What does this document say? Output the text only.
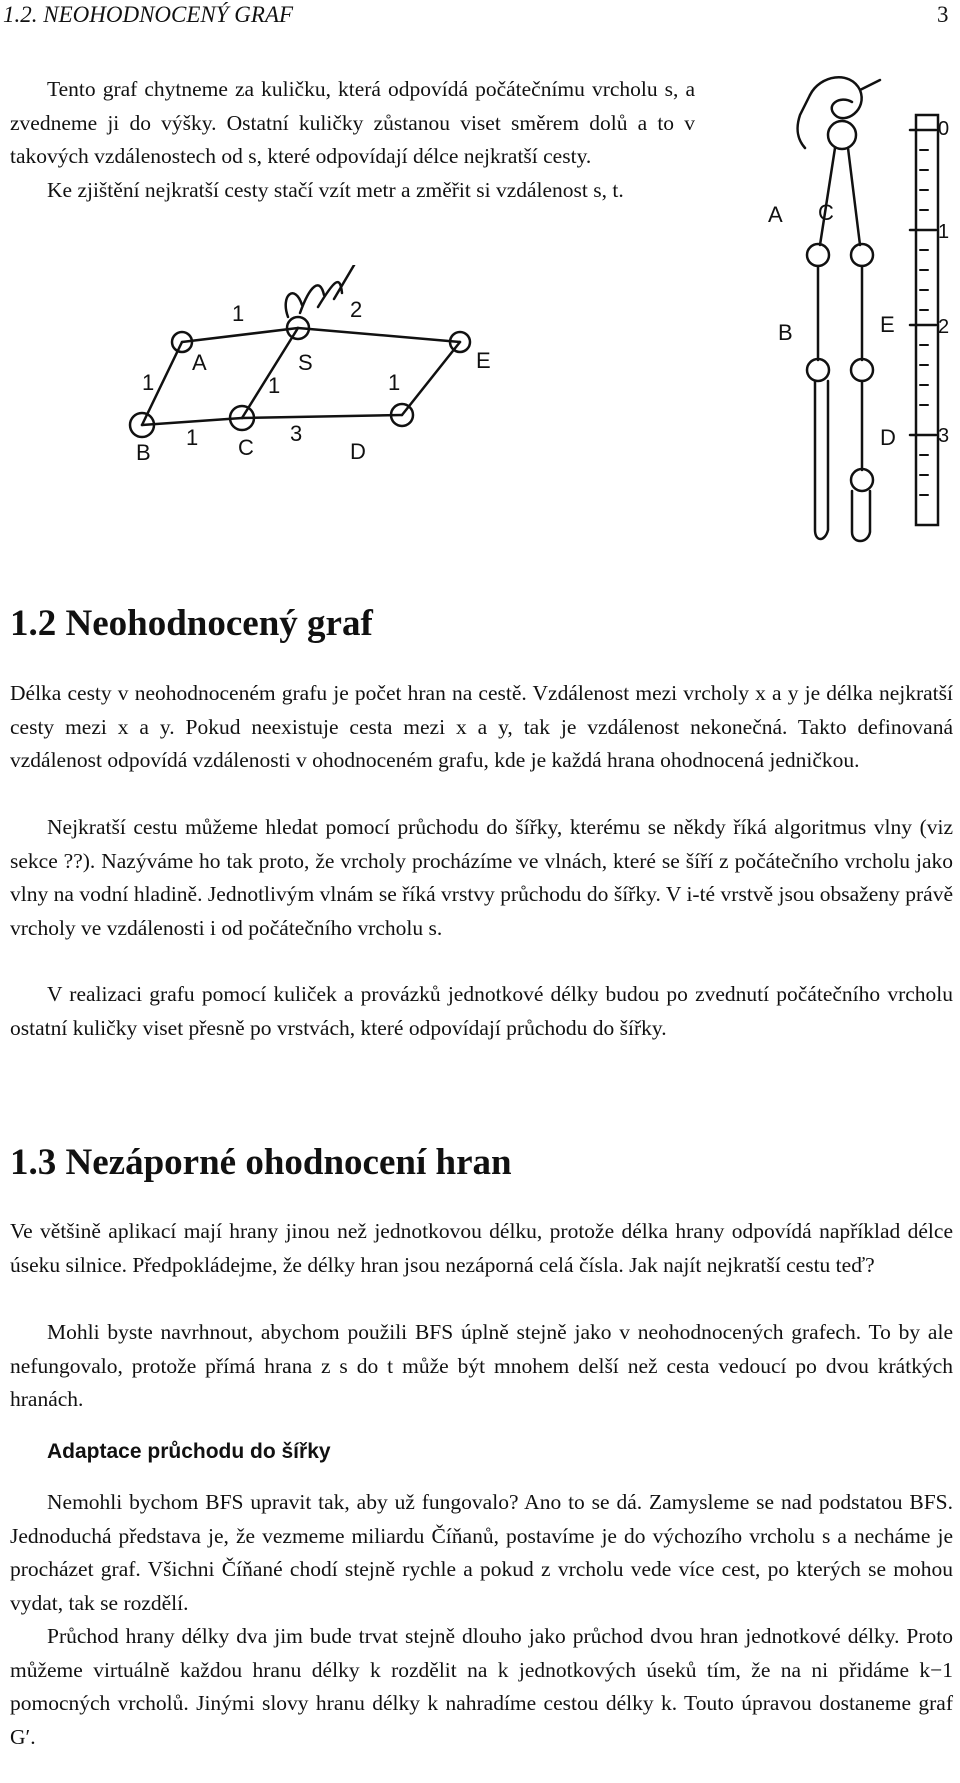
1.2. NEOHODNOCENÝ GRAF	3

Tento graf chytneme za kuličku, která odpovídá počátečnímu vrcholu s, a zvedneme ji do výšky. Ostatní kuličky zůstanou viset směrem dolů a to v takových vzdálenostech od s, které odpovídají délce nejkratší cesty.

Ke zjištění nejkratší cesty stačí vzít metr a změřit si vzdálenost s, t.

A	S	E
B	C	D
1	2
1	1	1
1	3
A C
B	E
D
0
1
2
3
1.2 Neohodnocený graf

Délka cesty v neohodnoceném grafu je počet hran na cestě. Vzdálenost mezi vrcholy x a y je délka nejkratší cesty mezi x a y. Pokud neexistuje cesta mezi x a y, tak je vzdálenost nekonečná. Takto definovaná vzdálenost odpovídá vzdálenosti v ohodnoceném grafu, kde je každá hrana ohodnocená jedničkou.

Nejkratší cestu můžeme hledat pomocí průchodu do šířky, kterému se někdy říká algoritmus vlny (viz sekce ??). Nazýváme ho tak proto, že vrcholy procházíme ve vlnách, které se šíří z počátečního vrcholu jako vlny na vodní hladině. Jednotlivým vlnám se říká vrstvy průchodu do šířky. V i-té vrstvě jsou obsaženy právě vrcholy ve vzdálenosti i od počátečního vrcholu s.

V realizaci grafu pomocí kuliček a provázků jednotkové délky budou po zvednutí počátečního vrcholu ostatní kuličky viset přesně po vrstvách, které odpovídají průchodu do šířky.

1.3 Nezáporné ohodnocení hran

Ve většině aplikací mají hrany jinou než jednotkovou délku, protože délka hrany odpovídá například délce úseku silnice. Předpokládejme, že délky hran jsou nezáporná celá čísla. Jak najít nejkratší cestu teď?

Mohli byste navrhnout, abychom použili BFS úplně stejně jako v neohodnocených grafech. To by ale nefungovalo, protože přímá hrana z s do t může být mnohem delší než cesta vedoucí po dvou krátkých hranách.

Adaptace průchodu do šířky

Nemohli bychom BFS upravit tak, aby už fungovalo? Ano to se dá. Zamysleme se nad podstatou BFS. Jednoduchá představa je, že vezmeme miliardu Číňanů, postavíme je do výchozího vrcholu s a necháme je procházet graf. Všichni Číňané chodí stejně rychle a pokud z vrcholu vede více cest, po kterých se mohou vydat, tak se rozdělí.

Průchod hrany délky dva jim bude trvat stejně dlouho jako průchod dvou hran jednotkové délky. Proto můžeme virtuálně každou hranu délky k rozdělit na k jednotkových úseků tím, že na ni přidáme k−1 pomocných vrcholů. Jinými slovy hranu délky k nahradíme cestou délky k. Touto úpravou dostaneme graf G′.
